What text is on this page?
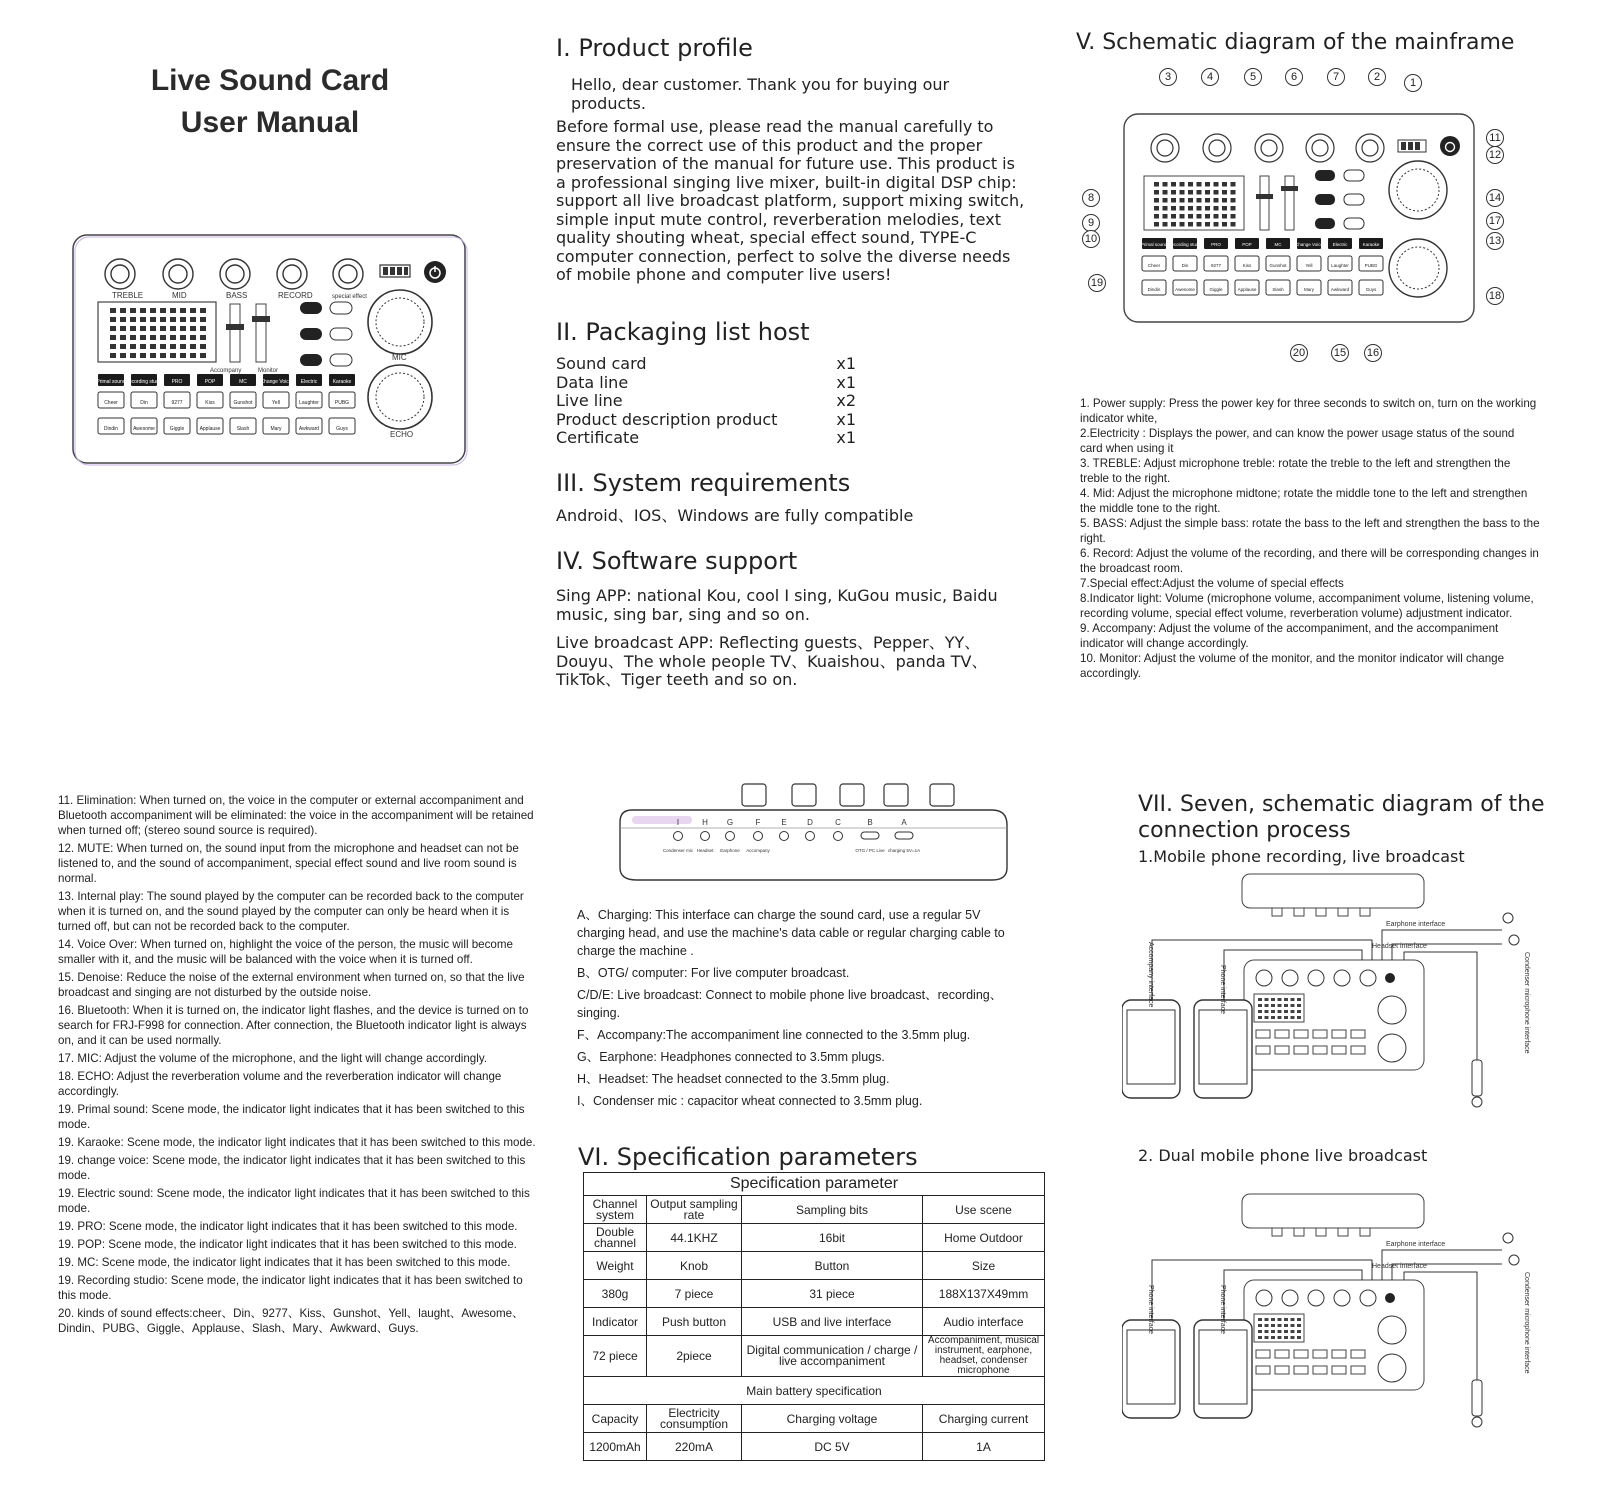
Live Sound Card
User Manual
TREBLE	MID	BASS	RECORD	special effect
Accompany	Monitor
MIC
ECHO
Primal sound Recording studio PRO	POP	MC	Change Voice Electric	Karaoke
Cheer	Din	9277	Kiss	Gunshot	Yell	Laughter	PUBG
Dindin	Awesome	Giggle	Applause	Slash	Mary	Awkward	Guys
I. Product profile

Hello, dear customer. Thank you for buying our products.

Before formal use, please read the manual carefully to ensure the correct use of this product and the proper preservation of the manual for future use. This product is a professional singing live mixer, built-in digital DSP chip: support all live broadcast platform, support mixing switch, simple input mute control, reverberation melodies, text quality shouting wheat, special effect sound, TYPE-C computer connection, perfect to solve the diverse needs of mobile phone and computer live users!

II. Packaging list host
Sound card	x1
Data line	x1
Live line	x2
Product description product	x1
Certificate	x1
III. System requirements

Android、IOS、Windows are fully compatible

IV. Software support

Sing APP: national Kou, cool I sing, KuGou music, Baidu music, sing bar, sing and so on.

Live broadcast APP: Reflecting guests、Pepper、YY、Douyu、The whole people TV、Kuaishou、panda TV、TikTok、Tiger teeth and so on.

V. Schematic diagram of the mainframe
Primal sound Recording studio PRO	POP	MC	Change Voice Electric	Karaoke
Cheer	Din	9277	Kiss	Gunshot	Yell	Laughter	PUBG
Dindin	Awesome	Giggle	Applause	Slash	Mary	Awkward	Guys
1
2
3	4	5	6	7
8
9
10
11
12
13
14
15 16
17
18
19
20

1. Power supply: Press the power key for three seconds to switch on, turn on the working indicator white,

2.Electricity : Displays the power, and can know the power usage status of the sound card when using it

3. TREBLE: Adjust microphone treble: rotate the treble to the left and strengthen the treble to the right.

4. Mid: Adjust the microphone midtone; rotate the middle tone to the left and strengthen the middle tone to the right.

5. BASS: Adjust the simple bass: rotate the bass to the left and strengthen the bass to the right.

6. Record: Adjust the volume of the recording, and there will be corresponding changes in the broadcast room.

7.Special effect:Adjust the volume of special effects

8.Indicator light: Volume (microphone volume, accompaniment volume, listening volume, recording volume, special effect volume, reverberation volume) adjustment indicator.

9. Accompany: Adjust the volume of the accompaniment, and the accompaniment indicator will change accordingly.

10. Monitor: Adjust the volume of the monitor, and the monitor indicator will change accordingly.

11. Elimination: When turned on, the voice in the computer or external accompaniment and Bluetooth accompaniment will be eliminated: the voice in the accompaniment will be retained when turned off; (stereo sound source is required).

12. MUTE: When turned on, the sound input from the microphone and headset can not be listened to, and the sound of accompaniment, special effect sound and live room sound is normal.

13. Internal play: The sound played by the computer can be recorded back to the computer when it is turned on, and the sound played by the computer can only be heard when it is turned off, but can not be recorded back to the computer.

14. Voice Over: When turned on, highlight the voice of the person, the music will become smaller with it, and the music will be balanced with the voice when it is turned off.

15. Denoise: Reduce the noise of the external environment when turned on, so that the live broadcast and singing are not disturbed by the outside noise.

16. Bluetooth: When it is turned on, the indicator light flashes, and the device is turned on to search for FRJ-F998 for connection. After connection, the Bluetooth indicator light is always on, and it can be used normally.

17. MIC: Adjust the volume of the microphone, and the light will change accordingly.

18. ECHO: Adjust the reverberation volume and the reverberation indicator will change accordingly.

19. Primal sound: Scene mode, the indicator light indicates that it has been switched to this mode.

19. Karaoke: Scene mode, the indicator light indicates that it has been switched to this mode.

19. change voice: Scene mode, the indicator light indicates that it has been switched to this mode.

19. Electric sound: Scene mode, the indicator light indicates that it has been switched to this mode.

19. PRO: Scene mode, the indicator light indicates that it has been switched to this mode.

19. POP: Scene mode, the indicator light indicates that it has been switched to this mode.

19. MC: Scene mode, the indicator light indicates that it has been switched to this mode.

19. Recording studio: Scene mode, the indicator light indicates that it has been switched to this mode.

20. kinds of sound effects:cheer、Din、9277、Kiss、Gunshot、Yell、laught、Awesome、Dindin、PUBG、Giggle、Applause、Slash、Mary、Awkward、Guys.

I
Condenser mic
H
Headset
G
Earphone
F
Accompany
E	D	C	B
OTG / PC Live
A
charging 5V=1A

A、Charging: This interface can charge the sound card, use a regular 5V charging head, and use the machine's data cable or regular charging cable to charge the machine .

B、OTG/ computer: For live computer broadcast.

C/D/E: Live broadcast: Connect to mobile phone live broadcast、recording、singing.

F、Accompany:The accompaniment line connected to the 3.5mm plug.

G、Earphone: Headphones connected to 3.5mm plugs.

H、Headset: The headset connected to the 3.5mm plug.

I、Condenser mic : capacitor wheat connected to 3.5mm plug.

VI. Specification parameters
Specification parameter			
Channel system	Output sampling rate	Sampling bits	Use scene
Double channel	44.1KHZ	16bit	Home Outdoor
Weight	Knob	Button	Size
380g	7 piece	31 piece	188X137X49mm
Indicator	Push button	USB and live interface	Audio interface
72 piece	2piece	Digital communication / charge / live accompaniment	Accompaniment, musical instrument, earphone, headset, condenser microphone
Main battery specification			
Capacity	Electricity consumption	Charging voltage	Charging current
1200mAh	220mA	DC 5V	1A
VII. Seven, schematic diagram of the
connection process
1.Mobile phone recording, live broadcast
Earphone interface
Headset interface
Accompany interface	Phone interface	Condenser microphone interface
2. Dual mobile phone live broadcast
Earphone interface
Headset interface
Phone interface	Phone interface	Condenser microphone interface
